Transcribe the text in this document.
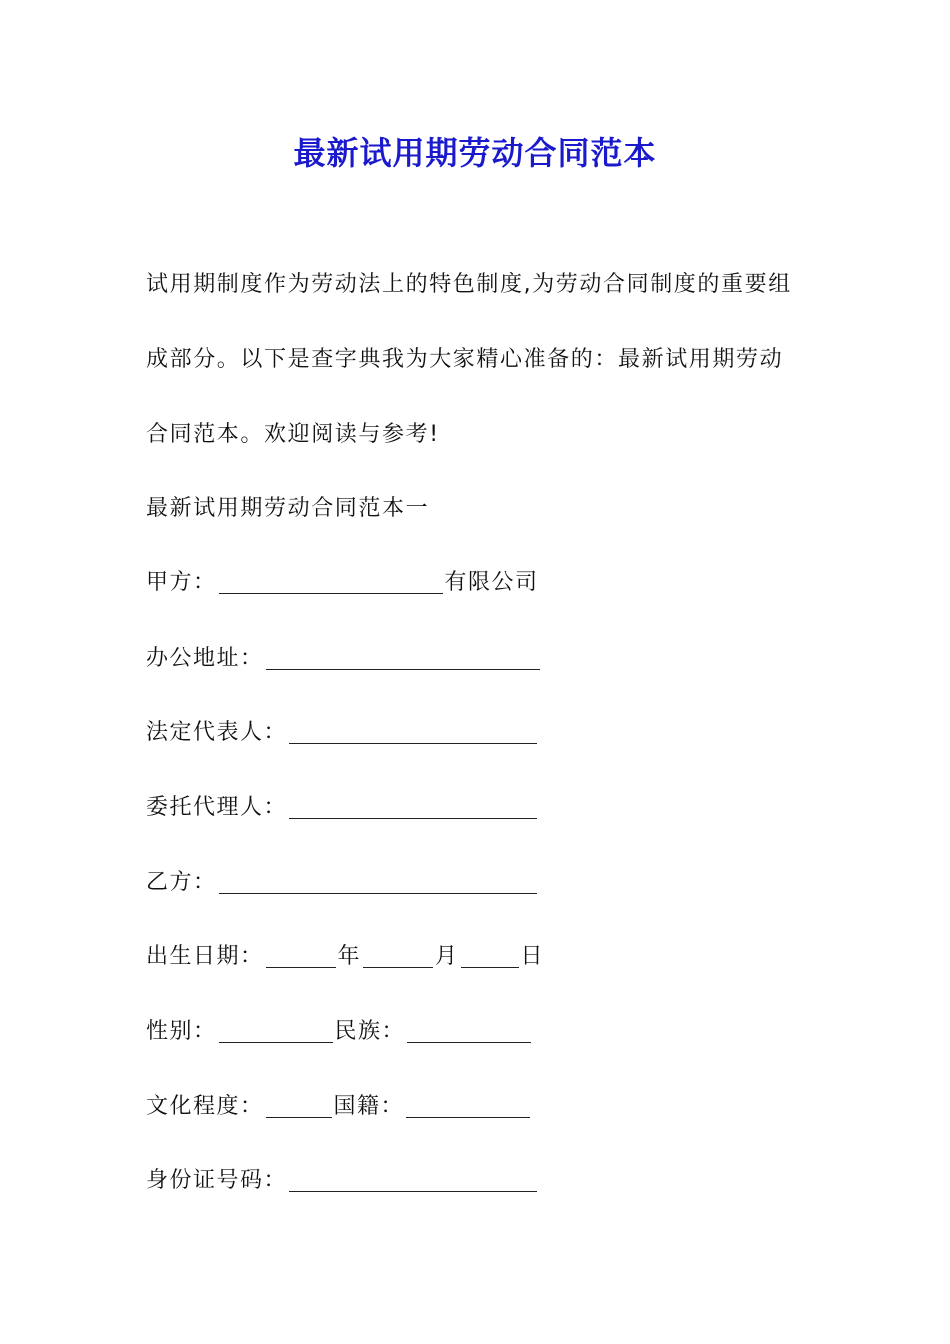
最新试用期劳动合同范本
试用期制度作为劳动法上的特色制度,为劳动合同制度的重要组
成部分。以下是查字典我为大家精心准备的：最新试用期劳动
合同范本。欢迎阅读与参考!
最新试用期劳动合同范本一
甲方：	有限公司
办公地址：
法定代表人：
委托代理人：
乙方：
出生日期：	年	月	日
性别：	民族：
文化程度：	国籍：
身份证号码：
